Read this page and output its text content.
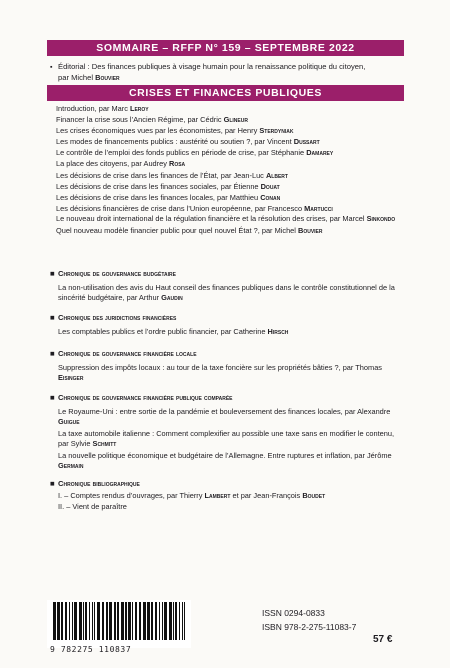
SOMMAIRE – RFFP N° 159 – SEPTEMBRE 2022
▪ Éditorial : Des finances publiques à visage humain pour la renaissance politique du citoyen,
par Michel Bouvier
CRISES ET FINANCES PUBLIQUES
Introduction, par Marc Leroy
Financer la crise sous l’Ancien Régime, par Cédric Glineur
Les crises économiques vues par les économistes, par Henry Sterdyniak
Les modes de financements publics : austérité ou soutien ?, par Vincent Dussart
Le contrôle de l’emploi des fonds publics en période de crise, par Stéphanie Damarey
La place des citoyens, par Audrey Rosa
Les décisions de crise dans les finances de l’État, par Jean-Luc Albert
Les décisions de crise dans les finances sociales, par Étienne Douat
Les décisions de crise dans les finances locales, par Matthieu Conan
Les décisions financières de crise dans l’Union européenne, par Francesco Martucci
Le nouveau droit international de la régulation financière et la résolution des crises, par Marcel Sinkondo
Quel nouveau modèle financier public pour quel nouvel État ?, par Michel Bouvier
■ Chronique de gouvernance budgétaire
La non-utilisation des avis du Haut conseil des finances publiques dans le contrôle constitutionnel de la sincérité budgétaire, par Arthur Gaudin
■ Chronique des juridictions financières
Les comptables publics et l’ordre public financier, par Catherine Hirsch
■ Chronique de gouvernance financière locale
Suppression des impôts locaux : au tour de la taxe foncière sur les propriétés bâties ?, par Thomas Eisinger
■ Chronique de gouvernance financière publique comparée
Le Royaume-Uni : entre sortie de la pandémie et bouleversement des finances locales, par Alexandre Guigue
La taxe automobile italienne : Comment complexifier au possible une taxe sans en modifier le contenu, par Sylvie Schmitt
La nouvelle politique économique et budgétaire de l’Allemagne. Entre ruptures et inflation, par Jérôme Germain
■ Chronique bibliographique
I. – Comptes rendus d’ouvrages, par Thierry Lambert et par Jean-François Boudet
II. – Vient de paraître
9 782275 110837
ISSN 0294-0833
ISBN 978-2-275-11083-7
57 €
